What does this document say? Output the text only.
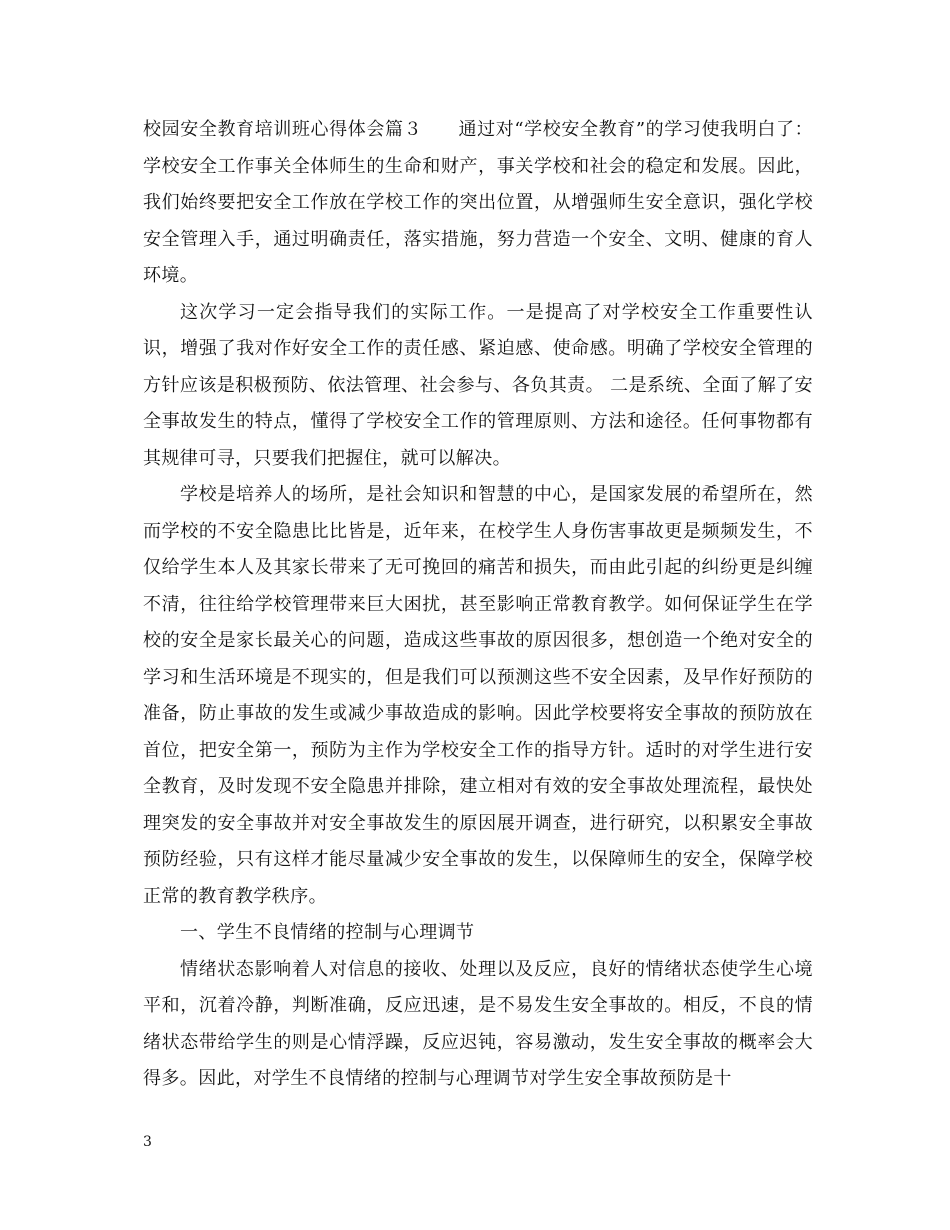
校园安全教育培训班心得体会篇３ 通过对“学校安全教育”的学习使我明白了：学校安全工作事关全体师生的生命和财产，事关学校和社会的稳定和发展。因此，我们始终要把安全工作放在学校工作的突出位置，从增强师生安全意识，强化学校安全管理入手，通过明确责任，落实措施，努力营造一个安全、文明、健康的育人环境。

这次学习一定会指导我们的实际工作。一是提高了对学校安全工作重要性认识，增强了我对作好安全工作的责任感、紧迫感、使命感。明确了学校安全管理的方针应该是积极预防、依法管理、社会参与、各负其责。 二是系统、全面了解了安全事故发生的特点，懂得了学校安全工作的管理原则、方法和途径。任何事物都有其规律可寻，只要我们把握住，就可以解决。

学校是培养人的场所，是社会知识和智慧的中心，是国家发展的希望所在，然而学校的不安全隐患比比皆是，近年来，在校学生人身伤害事故更是频频发生，不仅给学生本人及其家长带来了无可挽回的痛苦和损失，而由此引起的纠纷更是纠缠不清，往往给学校管理带来巨大困扰，甚至影响正常教育教学。如何保证学生在学校的安全是家长最关心的问题，造成这些事故的原因很多，想创造一个绝对安全的学习和生活环境是不现实的，但是我们可以预测这些不安全因素，及早作好预防的准备，防止事故的发生或减少事故造成的影响。因此学校要将安全事故的预防放在首位，把安全第一，预防为主作为学校安全工作的指导方针。适时的对学生进行安全教育，及时发现不安全隐患并排除，建立相对有效的安全事故处理流程，最快处理突发的安全事故并对安全事故发生的原因展开调查，进行研究，以积累安全事故预防经验，只有这样才能尽量减少安全事故的发生，以保障师生的安全，保障学校正常的教育教学秩序。

一、学生不良情绪的控制与心理调节

情绪状态影响着人对信息的接收、处理以及反应，良好的情绪状态使学生心境平和，沉着冷静，判断准确，反应迅速，是不易发生安全事故的。相反，不良的情绪状态带给学生的则是心情浮躁，反应迟钝，容易激动，发生安全事故的概率会大得多。因此，对学生不良情绪的控制与心理调节对学生安全事故预防是十

3
